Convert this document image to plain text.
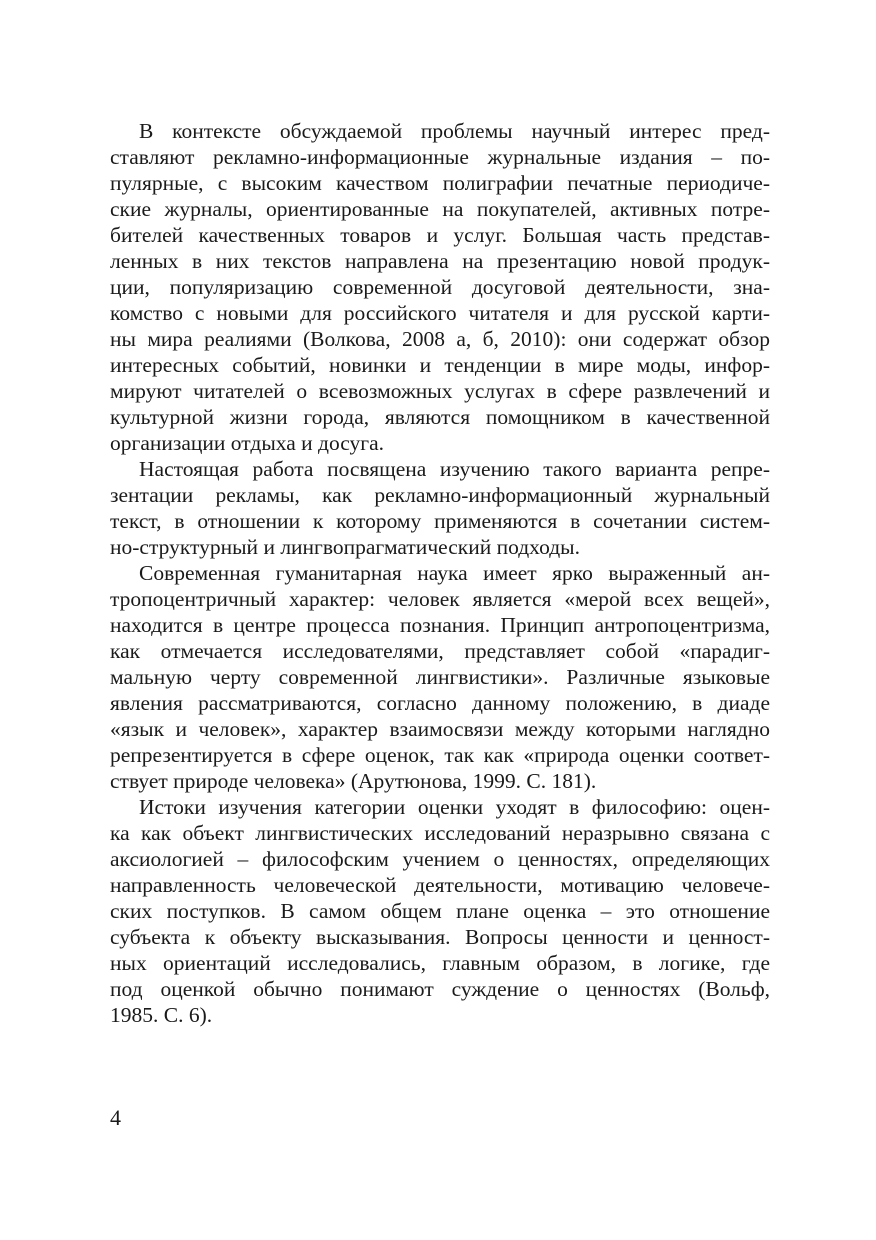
В контексте обсуждаемой проблемы научный интерес пред-
ставляют рекламно-информационные журнальные издания – по-
пулярные, с высоким качеством полиграфии печатные периодиче-
ские журналы, ориентированные на покупателей, активных потре-
бителей качественных товаров и услуг. Большая часть представ-
ленных в них текстов направлена на презентацию новой продук-
ции, популяризацию современной досуговой деятельности, зна-
комство с новыми для российского читателя и для русской карти-
ны мира реалиями (Волкова, 2008 а, б, 2010): они содержат обзор
интересных событий, новинки и тенденции в мире моды, инфор-
мируют читателей о всевозможных услугах в сфере развлечений и
культурной жизни города, являются помощником в качественной
организации отдыха и досуга.
Настоящая работа посвящена изучению такого варианта репре-
зентации рекламы, как рекламно-информационный журнальный
текст, в отношении к которому применяются в сочетании систем-
но-структурный и лингвопрагматический подходы.
Современная гуманитарная наука имеет ярко выраженный ан-
тропоцентричный характер: человек является «мерой всех вещей»,
находится в центре процесса познания. Принцип антропоцентризма,
как отмечается исследователями, представляет собой «парадиг-
мальную черту современной лингвистики». Различные языковые
явления рассматриваются, согласно данному положению, в диаде
«язык и человек», характер взаимосвязи между которыми наглядно
репрезентируется в сфере оценок, так как «природа оценки соответ-
ствует природе человека» (Арутюнова, 1999. С. 181).
Истоки изучения категории оценки уходят в философию: оцен-
ка как объект лингвистических исследований неразрывно связана с
аксиологией – философским учением о ценностях, определяющих
направленность человеческой деятельности, мотивацию человече-
ских поступков. В самом общем плане оценка – это отношение
субъекта к объекту высказывания. Вопросы ценности и ценност-
ных ориентаций исследовались, главным образом, в логике, где
под оценкой обычно понимают суждение о ценностях (Вольф,
1985. С. 6).
4
